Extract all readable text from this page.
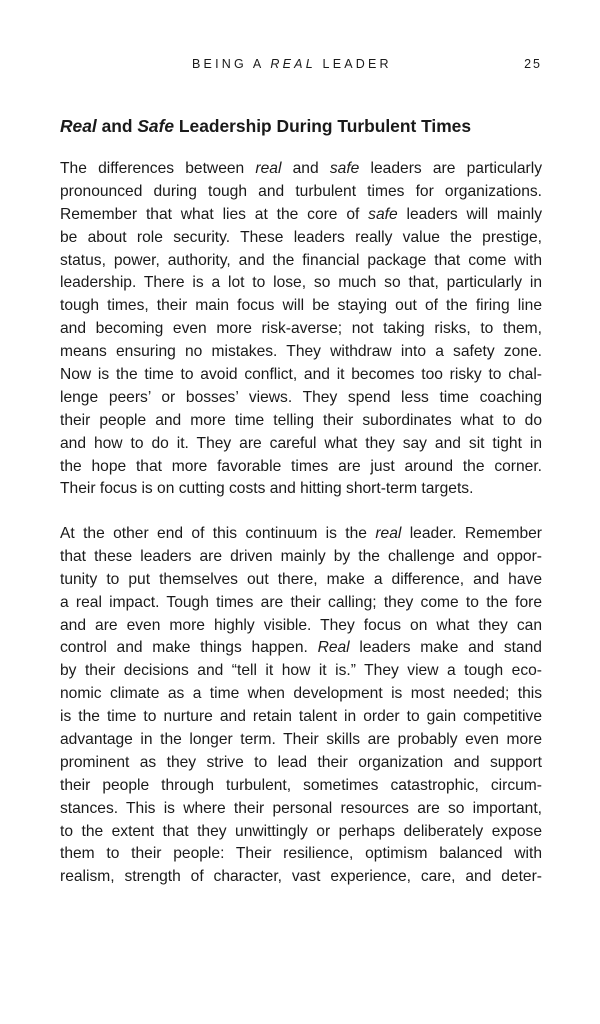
BEING A REAL LEADER	25
Real and Safe Leadership During Turbulent Times
The differences between real and safe leaders are particularly
pronounced during tough and turbulent times for organizations.
Remember that what lies at the core of safe leaders will mainly
be about role security. These leaders really value the prestige,
status, power, authority, and the financial package that come with
leadership. There is a lot to lose, so much so that, particularly in
tough times, their main focus will be staying out of the firing line
and becoming even more risk-averse; not taking risks, to them,
means ensuring no mistakes. They withdraw into a safety zone.
Now is the time to avoid conflict, and it becomes too risky to chal-
lenge peers’ or bosses’ views. They spend less time coaching
their people and more time telling their subordinates what to do
and how to do it. They are careful what they say and sit tight in
the hope that more favorable times are just around the corner.
Their focus is on cutting costs and hitting short-term targets.
At the other end of this continuum is the real leader. Remember
that these leaders are driven mainly by the challenge and oppor-
tunity to put themselves out there, make a difference, and have
a real impact. Tough times are their calling; they come to the fore
and are even more highly visible. They focus on what they can
control and make things happen. Real leaders make and stand
by their decisions and “tell it how it is.” They view a tough eco-
nomic climate as a time when development is most needed; this
is the time to nurture and retain talent in order to gain competitive
advantage in the longer term. Their skills are probably even more
prominent as they strive to lead their organization and support
their people through turbulent, sometimes catastrophic, circum-
stances. This is where their personal resources are so important,
to the extent that they unwittingly or perhaps deliberately expose
them to their people: Their resilience, optimism balanced with
realism, strength of character, vast experience, care, and deter-
